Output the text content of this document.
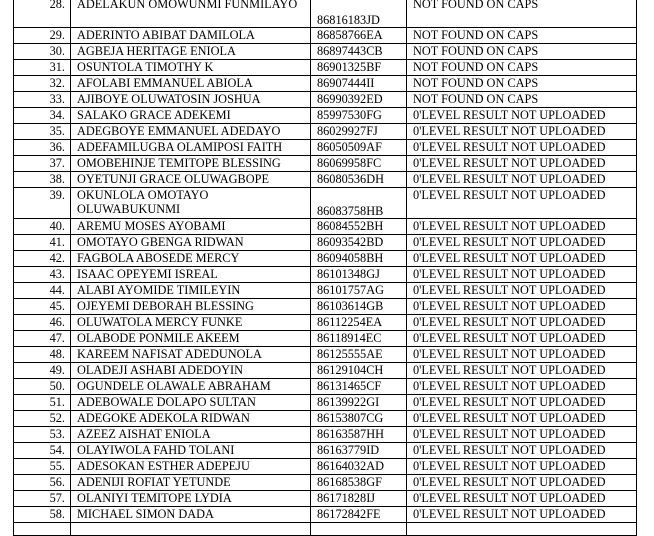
28.	ADELAKUN OMOWUNMI FUNMILAYO	86816183JD	NOT FOUND ON CAPS
29.	ADERINTO ABIBAT DAMILOLA	86858766EA	NOT FOUND ON CAPS
30.	AGBEJA HERITAGE ENIOLA	86897443CB	NOT FOUND ON CAPS
31.	OSUNTOLA TIMOTHY K	86901325BF	NOT FOUND ON CAPS
32.	AFOLABI EMMANUEL ABIOLA	86907444II	NOT FOUND ON CAPS
33.	AJIBOYE OLUWATOSIN JOSHUA	86990392ED	NOT FOUND ON CAPS
34.	SALAKO GRACE ADEKEMI	85997530FG	0'LEVEL RESULT NOT UPLOADED
35.	ADEGBOYE EMMANUEL ADEDAYO	86029927FJ	0'LEVEL RESULT NOT UPLOADED
36.	ADEFAMILUGBA OLAMIPOSI FAITH	86050509AF	0'LEVEL RESULT NOT UPLOADED
37.	OMOBEHINJE TEMITOPE BLESSING	86069958FC	0'LEVEL RESULT NOT UPLOADED
38.	OYETUNJI GRACE OLUWAGBOPE	86080536DH	0'LEVEL RESULT NOT UPLOADED
39.	OKUNLOLA OMOTAYO OLUWABUKUNMI	86083758HB	0'LEVEL RESULT NOT UPLOADED
40.	AREMU MOSES AYOBAMI	86084552BH	0'LEVEL RESULT NOT UPLOADED
41.	OMOTAYO GBENGA RIDWAN	86093542BD	0'LEVEL RESULT NOT UPLOADED
42.	FAGBOLA ABOSEDE MERCY	86094058BH	0'LEVEL RESULT NOT UPLOADED
43.	ISAAC OPEYEMI ISREAL	86101348GJ	0'LEVEL RESULT NOT UPLOADED
44.	ALABI AYOMIDE TIMILEYIN	86101757AG	0'LEVEL RESULT NOT UPLOADED
45.	OJEYEMI DEBORAH BLESSING	86103614GB	0'LEVEL RESULT NOT UPLOADED
46.	OLUWATOLA MERCY FUNKE	86112254EA	0'LEVEL RESULT NOT UPLOADED
47.	OLABODE PONMILE AKEEM	86118914EC	0'LEVEL RESULT NOT UPLOADED
48.	KAREEM NAFISAT ADEDUNOLA	86125555AE	0'LEVEL RESULT NOT UPLOADED
49.	OLADEJI ASHABI ADEDOYIN	86129104CH	0'LEVEL RESULT NOT UPLOADED
50.	OGUNDELE OLAWALE ABRAHAM	86131465CF	0'LEVEL RESULT NOT UPLOADED
51.	ADEBOWALE DOLAPO SULTAN	86139922GI	0'LEVEL RESULT NOT UPLOADED
52.	ADEGOKE ADEKOLA RIDWAN	86153807CG	0'LEVEL RESULT NOT UPLOADED
53.	AZEEZ AISHAT ENIOLA	86163587HH	0'LEVEL RESULT NOT UPLOADED
54.	OLAYIWOLA FAHD TOLANI	86163779ID	0'LEVEL RESULT NOT UPLOADED
55.	ADESOKAN ESTHER ADEPEJU	86164032AD	0'LEVEL RESULT NOT UPLOADED
56.	ADENIJI ROFIAT YETUNDE	86168538GF	0'LEVEL RESULT NOT UPLOADED
57.	OLANIYI TEMITOPE LYDIA	86171828IJ	0'LEVEL RESULT NOT UPLOADED
58.	MICHAEL SIMON DADA	86172842FE	0'LEVEL RESULT NOT UPLOADED
